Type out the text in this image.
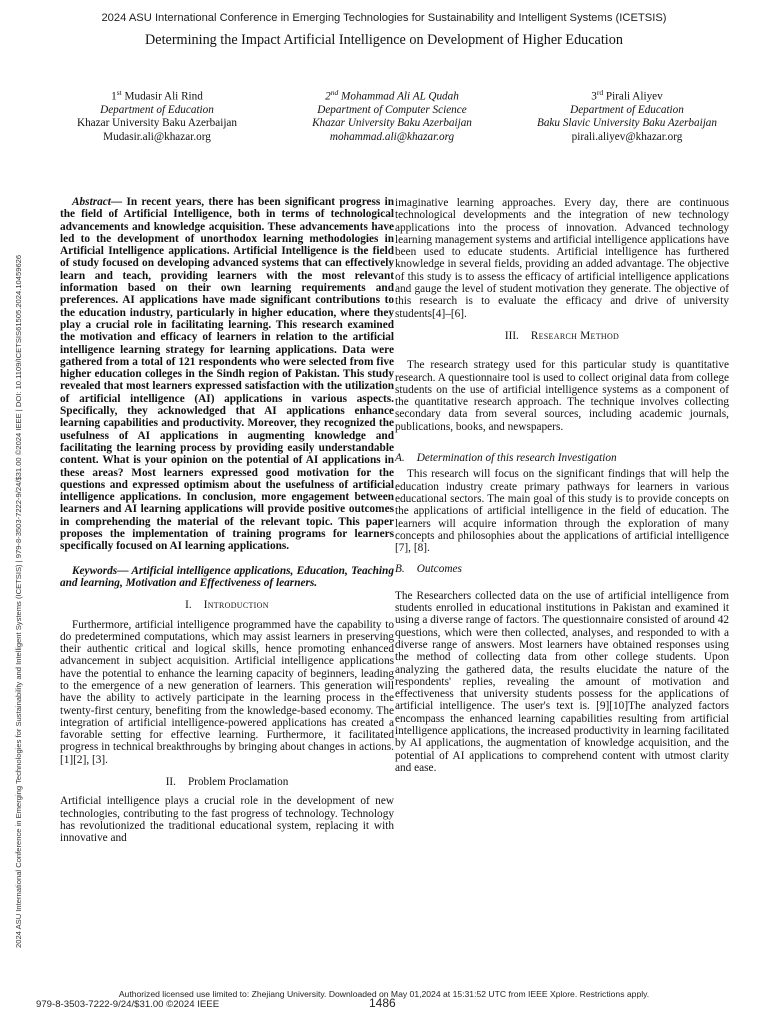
2024 ASU International Conference in Emerging Technologies for Sustainability and Intelligent Systems (ICETSIS)
Determining the Impact Artificial Intelligence on Development of Higher Education
1st Mudasir Ali Rind
Department of Education
Khazar University Baku Azerbaijan
Mudasir.ali@khazar.org
2nd Mohammad Ali AL Qudah
Department of Computer Science
Khazar University Baku Azerbaijan
mohammad.ali@khazar.org
3rd Pirali Aliyev
Department of Education
Baku Slavic University Baku Azerbaijan
pirali.aliyev@khazar.org
2024 ASU International Conference in Emerging Technologies for Sustainability and Intelligent Systems (ICETSIS) | 979-8-3503-7222-9/24/$31.00 ©2024 IEEE | DOI: 10.1109/ICETSIS61505.2024.10459626

Abstract— In recent years, there has been significant progress in the field of Artificial Intelligence, both in terms of technological advancements and knowledge acquisition. These advancements have led to the development of unorthodox learning methodologies in Artificial Intelligence applications. Artificial Intelligence is the field of study focused on developing advanced systems that can effectively learn and teach, providing learners with the most relevant information based on their own learning requirements and preferences. AI applications have made significant contributions to the education industry, particularly in higher education, where they play a crucial role in facilitating learning. This research examined the motivation and efficacy of learners in relation to the artificial intelligence learning strategy for learning applications. Data were gathered from a total of 121 respondents who were selected from five higher education colleges in the Sindh region of Pakistan. This study revealed that most learners expressed satisfaction with the utilization of artificial intelligence (AI) applications in various aspects. Specifically, they acknowledged that AI applications enhance learning capabilities and productivity. Moreover, they recognized the usefulness of AI applications in augmenting knowledge and facilitating the learning process by providing easily understandable content. What is your opinion on the potential of AI applications in these areas? Most learners expressed good motivation for the questions and expressed optimism about the usefulness of artificial intelligence applications. In conclusion, more engagement between learners and AI learning applications will provide positive outcomes in comprehending the material of the relevant topic. This paper proposes the implementation of training programs for learners specifically focused on AI learning applications.

Keywords— Artificial intelligence applications, Education, Teaching and learning, Motivation and Effectiveness of learners.

I. Introduction

Furthermore, artificial intelligence programmed have the capability to do predetermined computations, which may assist learners in preserving their authentic critical and logical skills, hence promoting enhanced advancement in subject acquisition. Artificial intelligence applications have the potential to enhance the learning capacity of beginners, leading to the emergence of a new generation of learners. This generation will have the ability to actively participate in the learning process in the twenty-first century, benefiting from the knowledge-based economy. The integration of artificial intelligence-powered applications has created a favorable setting for effective learning. Furthermore, it facilitated progress in technical breakthroughs by bringing about changes in actions.[1][2], [3].

II. Problem Proclamation

Artificial intelligence plays a crucial role in the development of new technologies, contributing to the fast progress of technology. Technology has revolutionized the traditional educational system, replacing it with innovative and

imaginative learning approaches. Every day, there are continuous technological developments and the integration of new technology applications into the process of innovation. Advanced technology learning management systems and artificial intelligence applications have been used to educate students. Artificial intelligence has furthered knowledge in several fields, providing an added advantage. The objective of this study is to assess the efficacy of artificial intelligence applications and gauge the level of student motivation they generate. The objective of this research is to evaluate the efficacy and drive of university students[4]–[6].

III. Research Method

The research strategy used for this particular study is quantitative research. A questionnaire tool is used to collect original data from college students on the use of artificial intelligence systems as a component of the quantitative research approach. The technique involves collecting secondary data from several sources, including academic journals, publications, books, and newspapers.

A. Determination of this research Investigation

This research will focus on the significant findings that will help the education industry create primary pathways for learners in various educational sectors. The main goal of this study is to provide concepts on the applications of artificial intelligence in the field of education. The learners will acquire information through the exploration of many concepts and philosophies about the applications of artificial intelligence [7], [8].

B. Outcomes

The Researchers collected data on the use of artificial intelligence from students enrolled in educational institutions in Pakistan and examined it using a diverse range of factors. The questionnaire consisted of around 42 questions, which were then collected, analyses, and responded to with a diverse range of answers. Most learners have obtained responses using the method of collecting data from other college students. Upon analyzing the gathered data, the results elucidate the nature of the respondents' replies, revealing the amount of motivation and effectiveness that university students possess for the applications of artificial intelligence. The user's text is. [9][10]The analyzed factors encompass the enhanced learning capabilities resulting from artificial intelligence applications, the increased productivity in learning facilitated by AI applications, the augmentation of knowledge acquisition, and the potential of AI applications to comprehend content with utmost clarity and ease.

Authorized licensed use limited to: Zhejiang University. Downloaded on May 01,2024 at 15:31:52 UTC from IEEE Xplore. Restrictions apply.
979-8-3503-7222-9/24/$31.00 ©2024 IEEE	1486
